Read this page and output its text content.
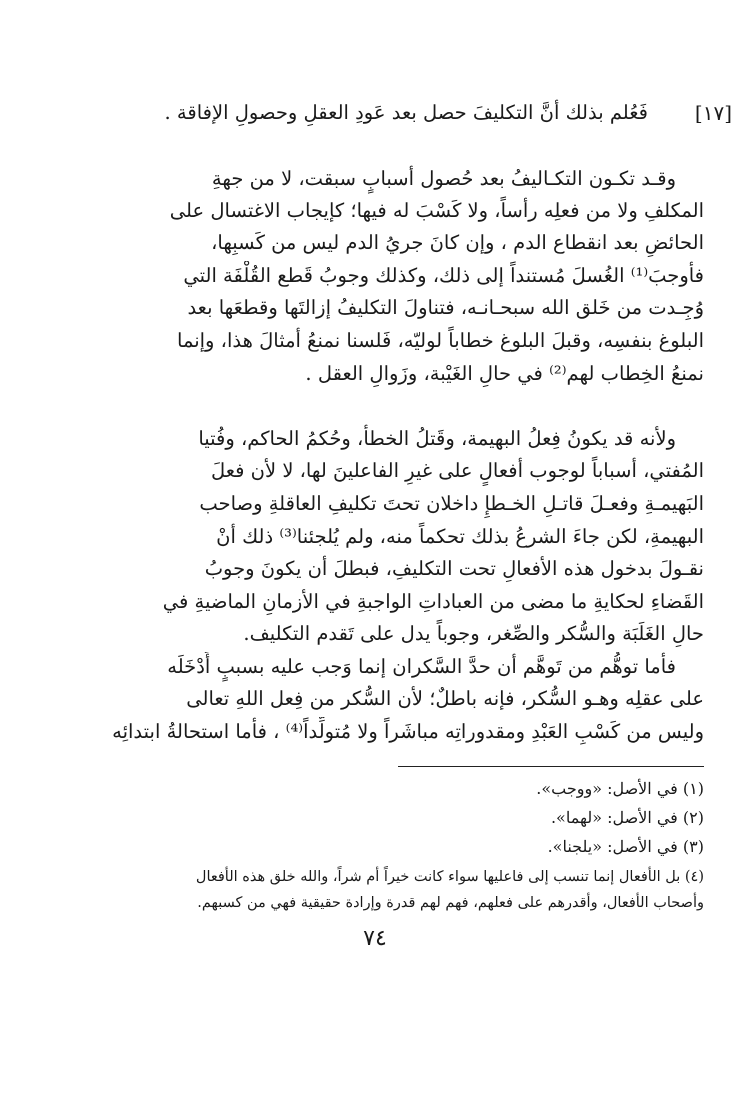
[١٧]
فَعُلم بذلك أنَّ التكليفَ حصل بعد عَودِ العقلِ وحصولِ الإفاقة .
وقـد تكـون التكـاليفُ بعد حُصول أسبابٍ سبقت، لا من جهةِ
المكلفِ ولا من فعلِه رأساً، ولا كَسْبَ له فيها؛ كإيجاب الاغتسال على
الحائضِ بعد انقطاع الدم ، وإن كانَ جريُ الدم ليس من كَسبِها،
فأوجبَ⁽¹⁾ الغُسلَ مُستنداً إلى ذلك، وكذلك وجوبُ قَطع القُلْفَة التي
وُجِـدت من خَلق الله سبحـانـه، فتناولَ التكليفُ إزالتَها وقطعَها بعد
البلوغ بنفسِه، وقبلَ البلوغ خطاباً لوليّه، فَلسنا نمنعُ أمثالَ هذا، وإنما
نمنعُ الخِطاب لهم⁽²⁾ في حالِ الغَيْبة، وزَوالِ العقل .
ولأنه قد يكونُ فِعلُ البهيمة، وقَتلُ الخطأ، وحُكمُ الحاكم، وفُتيا
المُفتي، أسباباً لوجوب أفعالٍ على غيرِ الفاعلينَ لها، لا لأن فعلَ
البَهيمـةِ وفعـلَ قاتـلِ الخـطإِ داخلان تحتَ تكليفِ العاقلةِ وصاحب
البهيمةِ، لكن جاءَ الشرعُ بذلك تحكماً منه، ولم يُلجئنا⁽³⁾ ذلك أنْ
نقـولَ بدخول هذه الأفعالِ تحت التكليفِ، فبطلَ أن يكونَ وجوبُ
القَضاءِ لحكايةِ ما مضى من العباداتِ الواجبةِ في الأزمانِ الماضيةِ في
حالِ الغَلَبَة والسُّكر والصِّغر، وجوباً يدل على تَقدم التكليف.
فأما توهُّم من تَوهَّم أن حدَّ السَّكران إنما وَجب عليه بسببٍ أَدْخَلَه
على عقلِه وهـو السُّكر، فإنه باطلٌ؛ لأن السُّكر من فِعل اللهِ تعالى
وليس من كَسْبِ العَبْدِ ومقدوراتِه مباشَراً ولا مُتولِّداً⁽⁴⁾ ، فأما استحالةُ ابتدائِه
(١) في الأصل: «ووجب».
(٢) في الأصل: «لهما».
(٣) في الأصل: «يلجنا».
(٤) بل الأفعال إنما تنسب إلى فاعليها سواء كانت خيراً أم شراً، والله خلق هذه الأفعال
وأصحاب الأفعال، وأقدرهم على فعلهم، فهم لهم قدرة وإرادة حقيقية فهي من كسبهم.
٧٤
